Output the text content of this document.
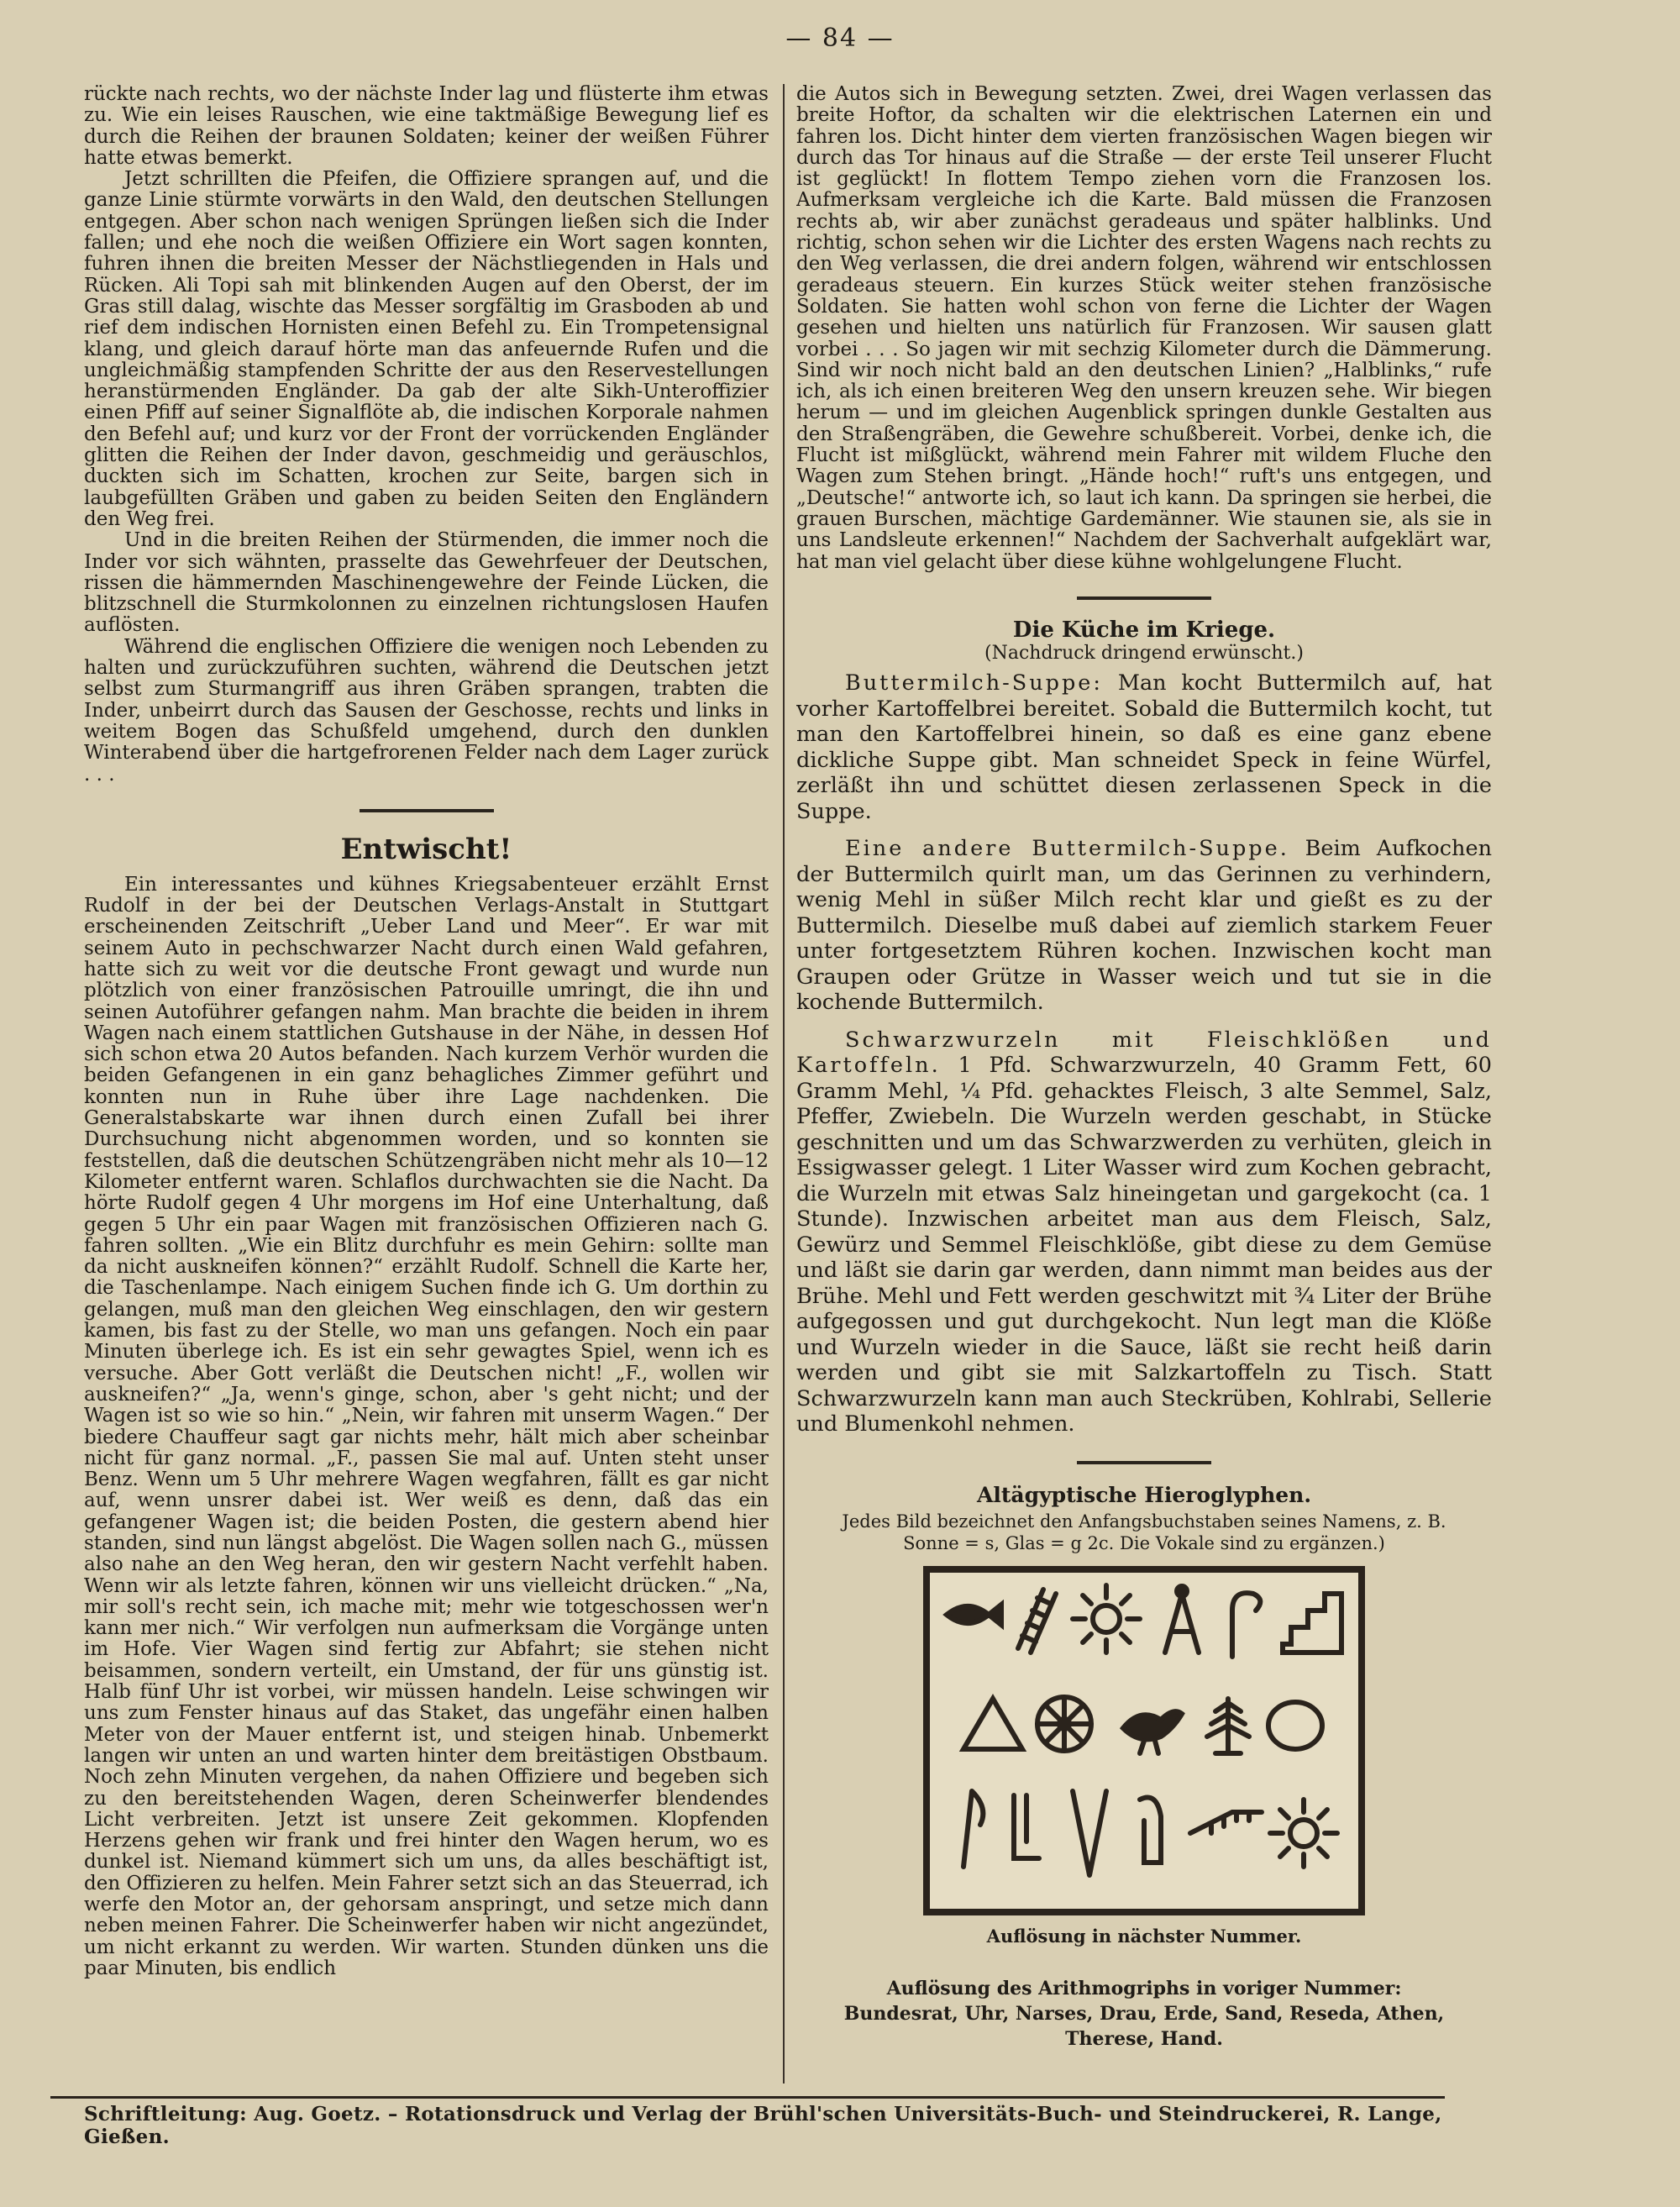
— 84 —

rückte nach rechts, wo der nächste Inder lag und flüsterte ihm etwas zu. Wie ein leises Rauschen, wie eine taktmäßige Bewegung lief es durch die Reihen der braunen Soldaten; keiner der weißen Führer hatte etwas bemerkt.

Jetzt schrillten die Pfeifen, die Offiziere sprangen auf, und die ganze Linie stürmte vorwärts in den Wald, den deutschen Stellungen entgegen. Aber schon nach wenigen Sprüngen ließen sich die Inder fallen; und ehe noch die weißen Offiziere ein Wort sagen konnten, fuhren ihnen die breiten Messer der Nächstliegenden in Hals und Rücken. Ali Topi sah mit blinkenden Augen auf den Oberst, der im Gras still dalag, wischte das Messer sorgfältig im Grasboden ab und rief dem indischen Hornisten einen Befehl zu. Ein Trompetensignal klang, und gleich darauf hörte man das anfeuernde Rufen und die ungleichmäßig stampfenden Schritte der aus den Reservestellungen heranstürmenden Engländer. Da gab der alte Sikh-Unteroffizier einen Pfiff auf seiner Signalflöte ab, die indischen Korporale nahmen den Befehl auf; und kurz vor der Front der vorrückenden Engländer glitten die Reihen der Inder davon, geschmeidig und geräuschlos, duckten sich im Schatten, krochen zur Seite, bargen sich in laubgefüllten Gräben und gaben zu beiden Seiten den Engländern den Weg frei.

Und in die breiten Reihen der Stürmenden, die immer noch die Inder vor sich wähnten, prasselte das Gewehrfeuer der Deutschen, rissen die hämmernden Maschinengewehre der Feinde Lücken, die blitzschnell die Sturmkolonnen zu einzelnen richtungslosen Haufen auflösten.

Während die englischen Offiziere die wenigen noch Lebenden zu halten und zurückzuführen suchten, während die Deutschen jetzt selbst zum Sturmangriff aus ihren Gräben sprangen, trabten die Inder, unbeirrt durch das Sausen der Geschosse, rechts und links in weitem Bogen das Schußfeld umgehend, durch den dunklen Winterabend über die hartgefrorenen Felder nach dem Lager zurück . . .

Entwischt!

Ein interessantes und kühnes Kriegsabenteuer erzählt Ernst Rudolf in der bei der Deutschen Verlags-Anstalt in Stuttgart erscheinenden Zeitschrift „Ueber Land und Meer“. Er war mit seinem Auto in pechschwarzer Nacht durch einen Wald gefahren, hatte sich zu weit vor die deutsche Front gewagt und wurde nun plötzlich von einer französischen Patrouille umringt, die ihn und seinen Autoführer gefangen nahm. Man brachte die beiden in ihrem Wagen nach einem stattlichen Gutshause in der Nähe, in dessen Hof sich schon etwa 20 Autos befanden. Nach kurzem Verhör wurden die beiden Gefangenen in ein ganz behagliches Zimmer geführt und konnten nun in Ruhe über ihre Lage nachdenken. Die Generalstabskarte war ihnen durch einen Zufall bei ihrer Durchsuchung nicht abgenommen worden, und so konnten sie feststellen, daß die deutschen Schützengräben nicht mehr als 10—12 Kilometer entfernt waren. Schlaflos durchwachten sie die Nacht. Da hörte Rudolf gegen 4 Uhr morgens im Hof eine Unterhaltung, daß gegen 5 Uhr ein paar Wagen mit französischen Offizieren nach G. fahren sollten. „Wie ein Blitz durchfuhr es mein Gehirn: sollte man da nicht auskneifen können?“ erzählt Rudolf. Schnell die Karte her, die Taschenlampe. Nach einigem Suchen finde ich G. Um dorthin zu gelangen, muß man den gleichen Weg einschlagen, den wir gestern kamen, bis fast zu der Stelle, wo man uns gefangen. Noch ein paar Minuten überlege ich. Es ist ein sehr gewagtes Spiel, wenn ich es versuche. Aber Gott verläßt die Deutschen nicht! „F., wollen wir auskneifen?“ „Ja, wenn's ginge, schon, aber 's geht nicht; und der Wagen ist so wie so hin.“ „Nein, wir fahren mit unserm Wagen.“ Der biedere Chauffeur sagt gar nichts mehr, hält mich aber scheinbar nicht für ganz normal. „F., passen Sie mal auf. Unten steht unser Benz. Wenn um 5 Uhr mehrere Wagen wegfahren, fällt es gar nicht auf, wenn unsrer dabei ist. Wer weiß es denn, daß das ein gefangener Wagen ist; die beiden Posten, die gestern abend hier standen, sind nun längst abgelöst. Die Wagen sollen nach G., müssen also nahe an den Weg heran, den wir gestern Nacht verfehlt haben. Wenn wir als letzte fahren, können wir uns vielleicht drücken.“ „Na, mir soll's recht sein, ich mache mit; mehr wie totgeschossen wer'n kann mer nich.“ Wir verfolgen nun aufmerksam die Vorgänge unten im Hofe. Vier Wagen sind fertig zur Abfahrt; sie stehen nicht beisammen, sondern verteilt, ein Umstand, der für uns günstig ist. Halb fünf Uhr ist vorbei, wir müssen handeln. Leise schwingen wir uns zum Fenster hinaus auf das Staket, das ungefähr einen halben Meter von der Mauer entfernt ist, und steigen hinab. Unbemerkt langen wir unten an und warten hinter dem breitästigen Obstbaum. Noch zehn Minuten vergehen, da nahen Offiziere und begeben sich zu den bereitstehenden Wagen, deren Scheinwerfer blendendes Licht verbreiten. Jetzt ist unsere Zeit gekommen. Klopfenden Herzens gehen wir frank und frei hinter den Wagen herum, wo es dunkel ist. Niemand kümmert sich um uns, da alles beschäftigt ist, den Offizieren zu helfen. Mein Fahrer setzt sich an das Steuerrad, ich werfe den Motor an, der gehorsam anspringt, und setze mich dann neben meinen Fahrer. Die Scheinwerfer haben wir nicht angezündet, um nicht erkannt zu werden. Wir warten. Stunden dünken uns die paar Minuten, bis endlich

die Autos sich in Bewegung setzten. Zwei, drei Wagen verlassen das breite Hoftor, da schalten wir die elektrischen Laternen ein und fahren los. Dicht hinter dem vierten französischen Wagen biegen wir durch das Tor hinaus auf die Straße — der erste Teil unserer Flucht ist geglückt! In flottem Tempo ziehen vorn die Franzosen los. Aufmerksam vergleiche ich die Karte. Bald müssen die Franzosen rechts ab, wir aber zunächst geradeaus und später halblinks. Und richtig, schon sehen wir die Lichter des ersten Wagens nach rechts zu den Weg verlassen, die drei andern folgen, während wir entschlossen geradeaus steuern. Ein kurzes Stück weiter stehen französische Soldaten. Sie hatten wohl schon von ferne die Lichter der Wagen gesehen und hielten uns natürlich für Franzosen. Wir sausen glatt vorbei . . . So jagen wir mit sechzig Kilometer durch die Dämmerung. Sind wir noch nicht bald an den deutschen Linien? „Halblinks,“ rufe ich, als ich einen breiteren Weg den unsern kreuzen sehe. Wir biegen herum — und im gleichen Augenblick springen dunkle Gestalten aus den Straßengräben, die Gewehre schußbereit. Vorbei, denke ich, die Flucht ist mißglückt, während mein Fahrer mit wildem Fluche den Wagen zum Stehen bringt. „Hände hoch!“ ruft's uns entgegen, und „Deutsche!“ antworte ich, so laut ich kann. Da springen sie herbei, die grauen Burschen, mächtige Gardemänner. Wie staunen sie, als sie in uns Landsleute erkennen!“ Nachdem der Sachverhalt aufgeklärt war, hat man viel gelacht über diese kühne wohlgelungene Flucht.

Die Küche im Kriege.
(Nachdruck dringend erwünscht.)

Buttermilch-Suppe: Man kocht Buttermilch auf, hat vorher Kartoffelbrei bereitet. Sobald die Buttermilch kocht, tut man den Kartoffelbrei hinein, so daß es eine ganz ebene dickliche Suppe gibt. Man schneidet Speck in feine Würfel, zerläßt ihn und schüttet diesen zerlassenen Speck in die Suppe.

Eine andere Buttermilch-Suppe. Beim Aufkochen der Buttermilch quirlt man, um das Gerinnen zu verhindern, wenig Mehl in süßer Milch recht klar und gießt es zu der Buttermilch. Dieselbe muß dabei auf ziemlich starkem Feuer unter fortgesetztem Rühren kochen. Inzwischen kocht man Graupen oder Grütze in Wasser weich und tut sie in die kochende Buttermilch.

Schwarzwurzeln mit Fleischklößen und Kartoffeln. 1 Pfd. Schwarzwurzeln, 40 Gramm Fett, 60 Gramm Mehl, ¼ Pfd. gehacktes Fleisch, 3 alte Semmel, Salz, Pfeffer, Zwiebeln. Die Wurzeln werden geschabt, in Stücke geschnitten und um das Schwarzwerden zu verhüten, gleich in Essigwasser gelegt. 1 Liter Wasser wird zum Kochen gebracht, die Wurzeln mit etwas Salz hineingetan und gargekocht (ca. 1 Stunde). Inzwischen arbeitet man aus dem Fleisch, Salz, Gewürz und Semmel Fleischklöße, gibt diese zu dem Gemüse und läßt sie darin gar werden, dann nimmt man beides aus der Brühe. Mehl und Fett werden geschwitzt mit ¾ Liter der Brühe aufgegossen und gut durchgekocht. Nun legt man die Klöße und Wurzeln wieder in die Sauce, läßt sie recht heiß darin werden und gibt sie mit Salzkartoffeln zu Tisch. Statt Schwarzwurzeln kann man auch Steckrüben, Kohlrabi, Sellerie und Blumenkohl nehmen.

Altägyptische Hieroglyphen.
Jedes Bild bezeichnet den Anfangsbuchstaben seines Namens, z. B.
Sonne = s, Glas = g 2c. Die Vokale sind zu ergänzen.)
Auflösung in nächster Nummer.
Auflösung des Arithmogriphs in voriger Nummer:
Bundesrat, Uhr, Narses, Drau, Erde, Sand, Reseda, Athen,
Therese, Hand.
Schriftleitung: Aug. Goetz. – Rotationsdruck und Verlag der Brühl'schen Universitäts-Buch- und Steindruckerei, R. Lange, Gießen.
